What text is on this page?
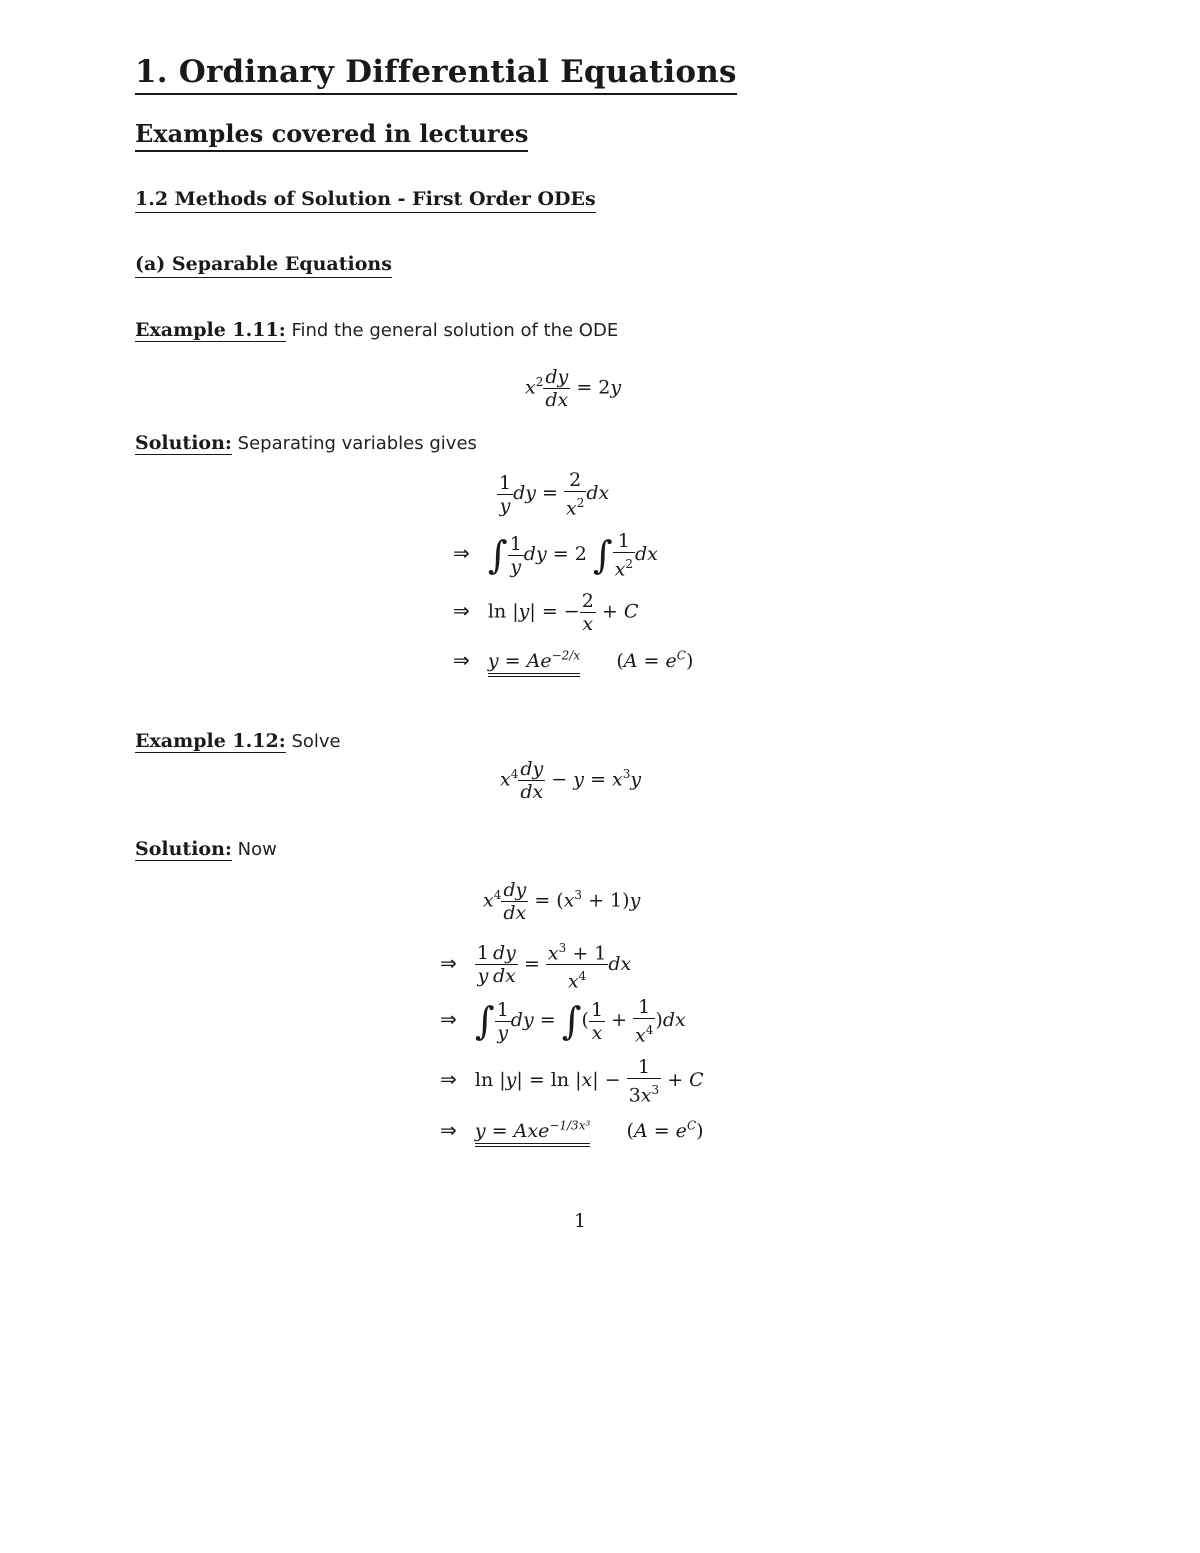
1. Ordinary Differential Equations
Examples covered in lectures
1.2 Methods of Solution - First Order ODEs
(a) Separable Equations
Example 1.11: Find the general solution of the ODE
$x^2 \frac{dy}{dx} = 2y$
Solution: Separating variables gives
$\frac{1}{y}$ dy = $\frac{2}{x^2}$ dx
⇒ ∫ $\frac{1}{y}$ dy = 2 ∫ $\frac{1}{x^2}$ dx
⇒ ln |y| = − $\frac{2}{x} + C$
⇒ $y = Ae^{-2/x}$ $(A = e^C)$
Example 1.12: Solve
$x^4 \frac{dy}{dx} - y = x^3y$
Solution: Now
$x^4 \frac{dy}{dx} = (x^3 + 1)y$
⇒ $\frac{1}{y} \frac{dy}{dx} = \frac{x^3 + 1}{x^4}$ dx
⇒ ∫ $\frac{1}{y}$ dy = ∫( $\frac{1}{x} + \frac{1}{x^4} )dx$
⇒ $\ln |y| = \ln |x| - \frac{1}{3x^3} + C$
⇒ y = Axe$^{-1/3x^3}$ $(A = e^C)$
1
